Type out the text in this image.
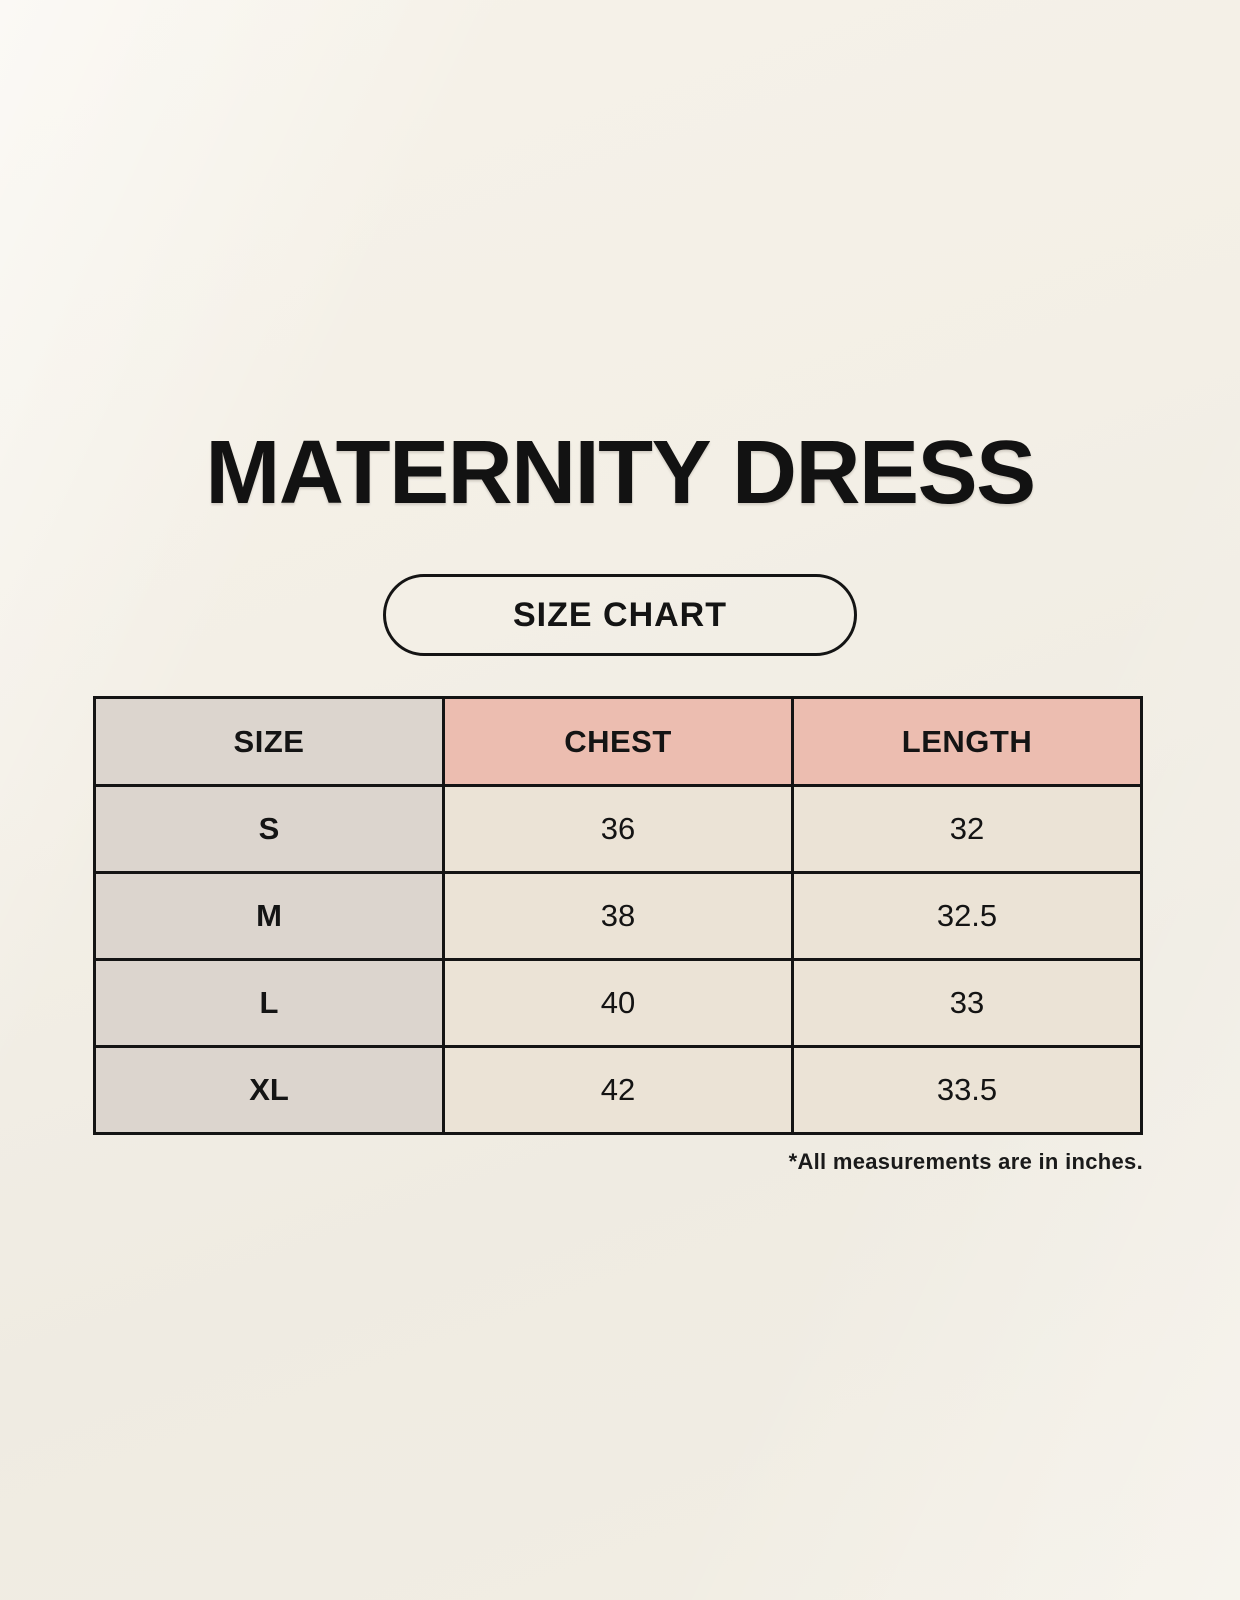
MATERNITY DRESS
SIZE CHART
SIZE	CHEST	LENGTH
S	36	32
M	38	32.5
L	40	33
XL	42	33.5
*All measurements are in inches.
